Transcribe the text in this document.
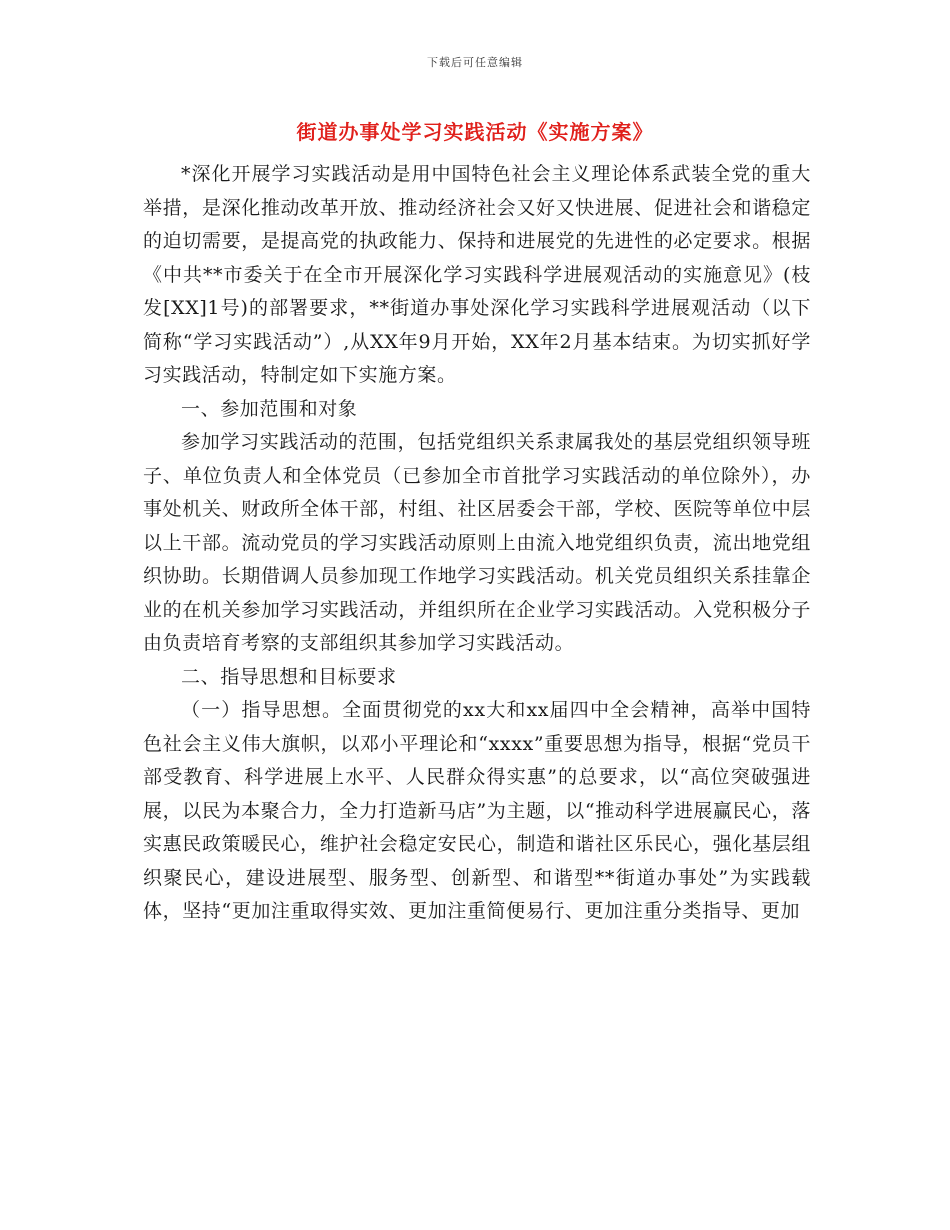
下载后可任意编辑
街道办事处学习实践活动《实施方案》

*深化开展学习实践活动是用中国特色社会主义理论体系武装全党的重大举措，是深化推动改革开放、推动经济社会又好又快进展、促进社会和谐稳定的迫切需要，是提高党的执政能力、保持和进展党的先进性的必定要求。根据《中共**市委关于在全市开展深化学习实践科学进展观活动的实施意见》(枝发[XX]1号)的部署要求，**街道办事处深化学习实践科学进展观活动（以下简称“学习实践活动”）,从XX年9月开始，XX年2月基本结束。为切实抓好学习实践活动，特制定如下实施方案。

一、参加范围和对象

参加学习实践活动的范围，包括党组织关系隶属我处的基层党组织领导班子、单位负责人和全体党员（已参加全市首批学习实践活动的单位除外），办事处机关、财政所全体干部，村组、社区居委会干部，学校、医院等单位中层以上干部。流动党员的学习实践活动原则上由流入地党组织负责，流出地党组织协助。长期借调人员参加现工作地学习实践活动。机关党员组织关系挂靠企业的在机关参加学习实践活动，并组织所在企业学习实践活动。入党积极分子由负责培育考察的支部组织其参加学习实践活动。

二、指导思想和目标要求

（一）指导思想。全面贯彻党的xx大和xx届四中全会精神，高举中国特色社会主义伟大旗帜，以邓小平理论和“xxxx”重要思想为指导，根据“党员干部受教育、科学进展上水平、人民群众得实惠”的总要求，以“高位突破强进展，以民为本聚合力，全力打造新马店”为主题，以“推动科学进展赢民心，落实惠民政策暖民心，维护社会稳定安民心，制造和谐社区乐民心，强化基层组织聚民心，建设进展型、服务型、创新型、和谐型**街道办事处”为实践载体，坚持“更加注重取得实效、更加注重简便易行、更加注重分类指导、更加
